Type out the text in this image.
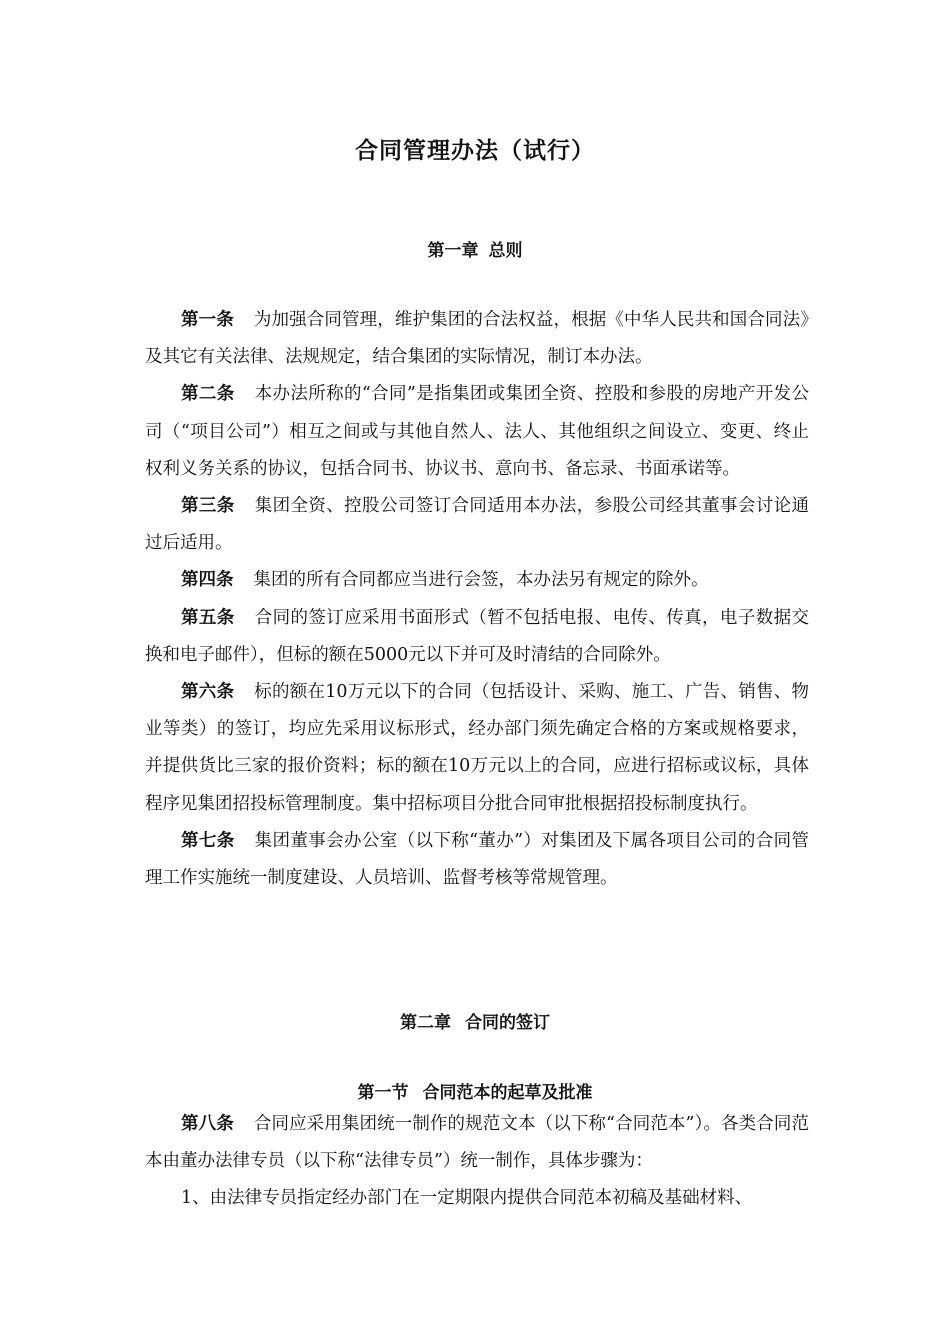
合同管理办法（试行）
第一章 总则

第一条 为加强合同管理，维护集团的合法权益，根据《中华人民共和国合同法》及其它有关法律、法规规定，结合集团的实际情况，制订本办法。

第二条 本办法所称的“合同”是指集团或集团全资、控股和参股的房地产开发公司（“项目公司”）相互之间或与其他自然人、法人、其他组织之间设立、变更、终止权利义务关系的协议，包括合同书、协议书、意向书、备忘录、书面承诺等。

第三条 集团全资、控股公司签订合同适用本办法，参股公司经其董事会讨论通过后适用。

第四条 集团的所有合同都应当进行会签，本办法另有规定的除外。

第五条 合同的签订应采用书面形式（暂不包括电报、电传、传真，电子数据交换和电子邮件），但标的额在5000元以下并可及时清结的合同除外。

第六条 标的额在10万元以下的合同（包括设计、采购、施工、广告、销售、物业等类）的签订，均应先采用议标形式，经办部门须先确定合格的方案或规格要求，并提供货比三家的报价资料；标的额在10万元以上的合同，应进行招标或议标，具体程序见集团招投标管理制度。集中招标项目分批合同审批根据招投标制度执行。

第七条 集团董事会办公室（以下称“董办”）对集团及下属各项目公司的合同管理工作实施统一制度建设、人员培训、监督考核等常规管理。

第二章 合同的签订
第一节 合同范本的起草及批准

第八条 合同应采用集团统一制作的规范文本（以下称“合同范本”）。各类合同范本由董办法律专员（以下称“法律专员”）统一制作，具体步骤为：

1、由法律专员指定经办部门在一定期限内提供合同范本初稿及基础材料、
